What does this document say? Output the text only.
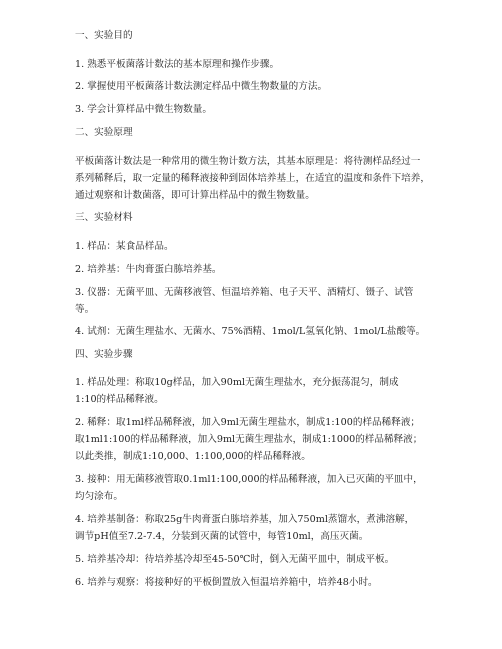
一、实验目的
1. 熟悉平板菌落计数法的基本原理和操作步骤。
2. 掌握使用平板菌落计数法测定样品中微生物数量的方法。
3. 学会计算样品中微生物数量。
二、实验原理
平板菌落计数法是一种常用的微生物计数方法，其基本原理是：将待测样品经过一
系列稀释后，取一定量的稀释液接种到固体培养基上，在适宜的温度和条件下培养，
通过观察和计数菌落，即可计算出样品中的微生物数量。
三、实验材料
1. 样品：某食品样品。
2. 培养基：牛肉膏蛋白胨培养基。
3. 仪器：无菌平皿、无菌移液管、恒温培养箱、电子天平、酒精灯、镊子、试管
等。
4. 试剂：无菌生理盐水、无菌水、75%酒精、1mol/L氢氧化钠、1mol/L盐酸等。
四、实验步骤
1. 样品处理：称取10g样品，加入90ml无菌生理盐水，充分振荡混匀，制成
1:10的样品稀释液。
2. 稀释：取1ml样品稀释液，加入9ml无菌生理盐水，制成1:100的样品稀释液；
取1ml1:100的样品稀释液，加入9ml无菌生理盐水，制成1:1000的样品稀释液；
以此类推，制成1:10,000、1:100,000的样品稀释液。
3. 接种：用无菌移液管取0.1ml1:100,000的样品稀释液，加入已灭菌的平皿中，
均匀涂布。
4. 培养基制备：称取25g牛肉膏蛋白胨培养基，加入750ml蒸馏水，煮沸溶解，
调节pH值至7.2-7.4，分装到灭菌的试管中，每管10ml，高压灭菌。
5. 培养基冷却：待培养基冷却至45-50℃时，倒入无菌平皿中，制成平板。
6. 培养与观察：将接种好的平板倒置放入恒温培养箱中，培养48小时。
